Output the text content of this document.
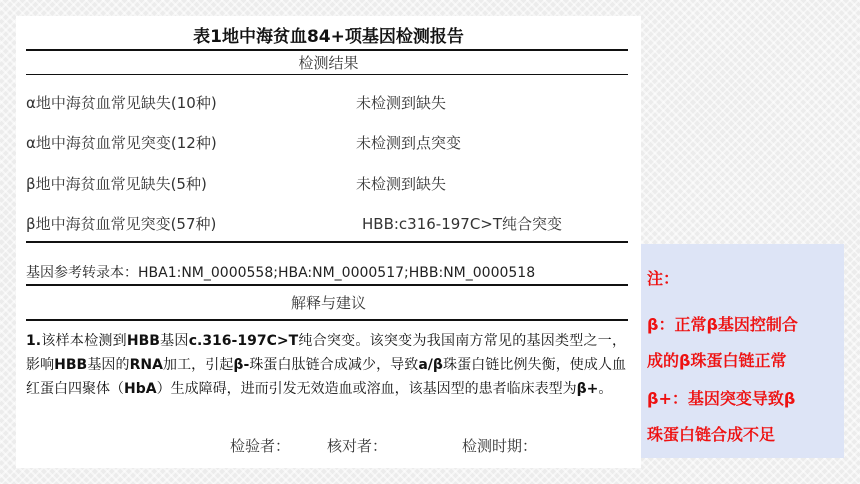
表1地中海贫血84+项基因检测报告
检测结果
α地中海贫血常见缺失(10种)	未检测到缺失
α地中海贫血常见突变(12种)	未检测到点突变
β地中海贫血常见缺失(5种)	未检测到缺失
β地中海贫血常见突变(57种)	HBB:c316-197C>T纯合突变
基因参考转录本：HBA1:NM_0000558;HBA:NM_0000517;HBB:NM_0000518
解释与建议
1.该样本检测到HBB基因c.316-197C>T纯合突变。该突变为我国南方常见的基因类型之一，影响HBB基因的RNA加工，引起β-珠蛋白肽链合成减少，导致a/β珠蛋白链比例失衡，使成人血红蛋白四聚体（HbA）生成障碍，进而引发无效造血或溶血，该基因型的患者临床表型为β+。
检验者： 核对者：	检测时期：
注：
β：正常β基因控制合
成的β珠蛋白链正常
β+：基因突变导致β
珠蛋白链合成不足
